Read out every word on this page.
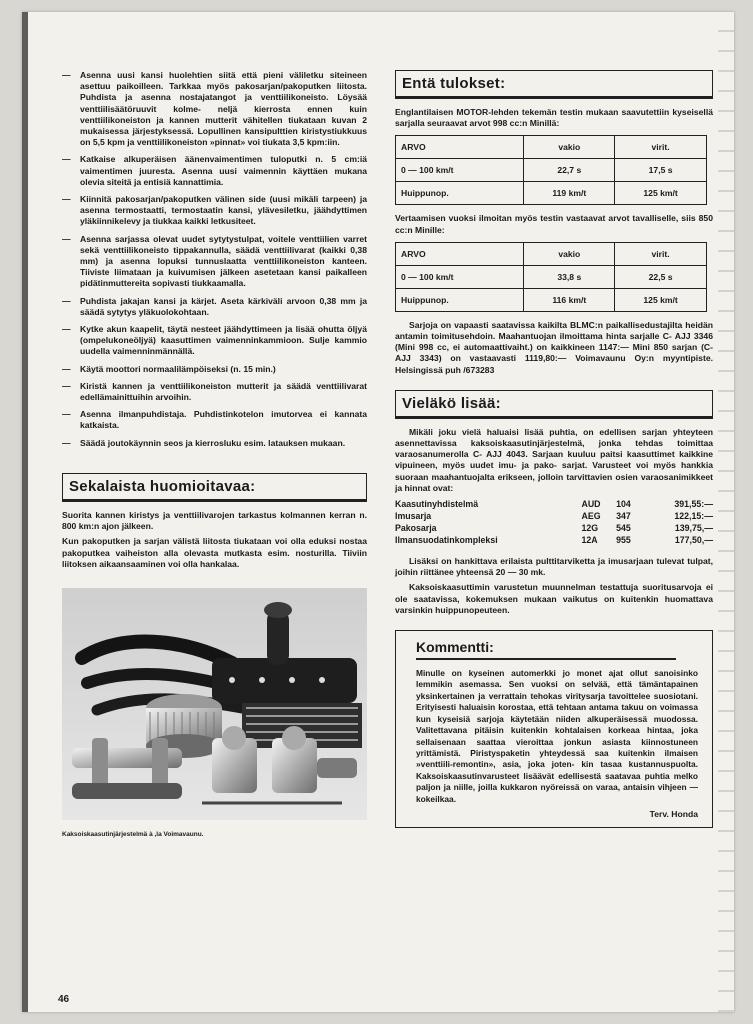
— Asenna uusi kansi huolehtien siitä että pieni väliletku siteineen asettuu paikoilleen. Tarkkaa myös pakosarjan/pakoputken liitosta. Puhdista ja asenna nostajatangot ja venttiilikoneisto. Löysää venttiilisäätöruuvit kolme- neljä kierrosta ennen kuin venttiilikoneiston ja kannen mutterit vähitellen tiukataan kuvan 2 mukaisessa järjestyksessä. Lopullinen kansipulttien kiristystiukkuus on 5,5 kpm ja venttiilikoneiston »pinnat» voi tiukata 3,5 kpm:iin.
— Katkaise alkuperäisen äänenvaimentimen tuloputki n. 5 cm:iä vaimentimen juuresta. Asenna uusi vaimennin käyttäen mukana olevia siteitä ja entisiä kannattimia.
— Kiinnitä pakosarjan/pakoputken välinen side (uusi mikäli tarpeen) ja asenna termostaatti, termostaatin kansi, ylävesiletku, jäähdyttimen yläkiinnikelevy ja tiukkaa kaikki letkusiteet.
— Asenna sarjassa olevat uudet sytytystulpat, voitele venttiilien varret sekä venttiilikoneisto tippakannulla, säädä venttiilivarat (kaikki 0,38 mm) ja asenna lopuksi tunnuslaatta venttiilikoneiston kanteen. Tiiviste liimataan ja kuivumisen jälkeen asetetaan kansi paikalleen pidätinmuttereita sopivasti tiukkaamalla.
— Puhdista jakajan kansi ja kärjet. Aseta kärkiväli arvoon 0,38 mm ja säädä sytytys yläkuolokohtaan.
— Kytke akun kaapelit, täytä nesteet jäähdyttimeen ja lisää ohutta öljyä (ompelukoneöljyä) kaasuttimen vaimenninkammioon. Sulje kammio uudella vaimenninmännällä.
— Käytä moottori normaalilämpöiseksi (n. 15 min.)
— Kiristä kannen ja venttiilikoneiston mutterit ja säädä venttiilivarat edellämainittuihin arvoihin.
— Asenna ilmanpuhdistaja. Puhdistinkotelon imutorvea ei kannata katkaista.
— Säädä joutokäynnin seos ja kierrosluku esim. latauksen mukaan.
Sekalaista huomioitavaa:

Suorita kannen kiristys ja venttiilivarojen tarkastus kolmannen kerran n. 800 km:n ajon jälkeen.

Kun pakoputken ja sarjan välistä liitosta tiukataan voi olla eduksi nostaa pakoputkea vaiheiston alla olevasta mutkasta esim. nosturilla. Tiiviin liitoksen aikaansaaminen voi olla hankalaa.

Kaksoiskaasutinjärjestelmä à ,la Voimavaunu.
Entä tulokset:

Englantilaisen MOTOR-lehden tekemän testin mukaan saavutettiin kyseisellä sarjalla seuraavat arvot 998 cc:n Minillä:

ARVO	vakio	virit.
0 — 100 km/t	22,7 s	17,5 s
Huippunop.	119 km/t	125 km/t

Vertaamisen vuoksi ilmoitan myös testin vastaavat arvot tavalliselle, siis 850 cc:n Minille:

ARVO	vakio	virit.
0 — 100 km/t	33,8 s	22,5 s
Huippunop.	116 km/t	125 km/t

Sarjoja on vapaasti saatavissa kaikilta BLMC:n paikallisedustajilta heidän antamin toimitusehdoin. Maahantuojan ilmoittama hinta sarjalle C- AJJ 3346 (Mini 998 cc, ei automaattivaiht.) on kaikkineen 1147:— Mini 850 sarjan (C- AJJ 3343) on vastaavasti 1119,80:— Voimavaunu Oy:n myyntipiste. Helsingissä puh /673283

Vieläkö lisää:

Mikäli joku vielä haluaisi lisää puhtia, on edellisen sarjan yhteyteen asennettavissa kaksoiskaasutinjärjestelmä, jonka tehdas toimittaa varaosanumerolla C- AJJ 4043. Sarjaan kuuluu paitsi kaasuttimet kaikkine vipuineen, myös uudet imu- ja pako- sarjat. Varusteet voi myös hankkia suoraan maahantuojalta erikseen, jolloin tarvittavien osien varaosanimikkeet ja hinnat ovat:

Kaasutinyhdistelmä	AUD	104	391,55:—
Imusarja	AEG	347	122,15:—
Pakosarja	12G	545	139,75,—
Ilmansuodatinkompleksi	12A	955	177,50,—

Lisäksi on hankittava erilaista pulttitarviketta ja imusarjaan tulevat tulpat, joihin riittänee yhteensä 20 — 30 mk.

Kaksoiskaasuttimin varustetun muunnelman testattuja suoritusarvoja ei ole saatavissa, kokemuksen mukaan vaikutus on kuitenkin huomattava varsinkin huippunopeuteen.

Kommentti:
Minulle on kyseinen automerkki jo monet ajat ollut sanoisinko lemmikin asemassa. Sen vuoksi on selvää, että tämäntapainen yksinkertainen ja verrattain tehokas viritysarja tavoittelee suosiotani. Erityisesti haluaisin korostaa, että tehtaan antama takuu on voimassa kun kyseisiä sarjoja käytetään niiden alkuperäisessä muodossa. Valitettavana pitäisin kuitenkin kohtalaisen korkeaa hintaa, joka sellaisenaan saattaa vieroittaa jonkun asiasta kiinnostuneen yrittämistä. Piristyspaketin yhteydessä saa kuitenkin ilmaisen »venttiili-remontin», asia, joka joten- kin tasaa kustannuspuolta. Kaksoiskaasutinvarusteet lisäävät edellisestä saatavaa puhtia melko paljon ja niille, joilla kukkaron nyöreissä on varaa, antaisin vihjeen — kokeilkaa.
Terv. Honda
46
